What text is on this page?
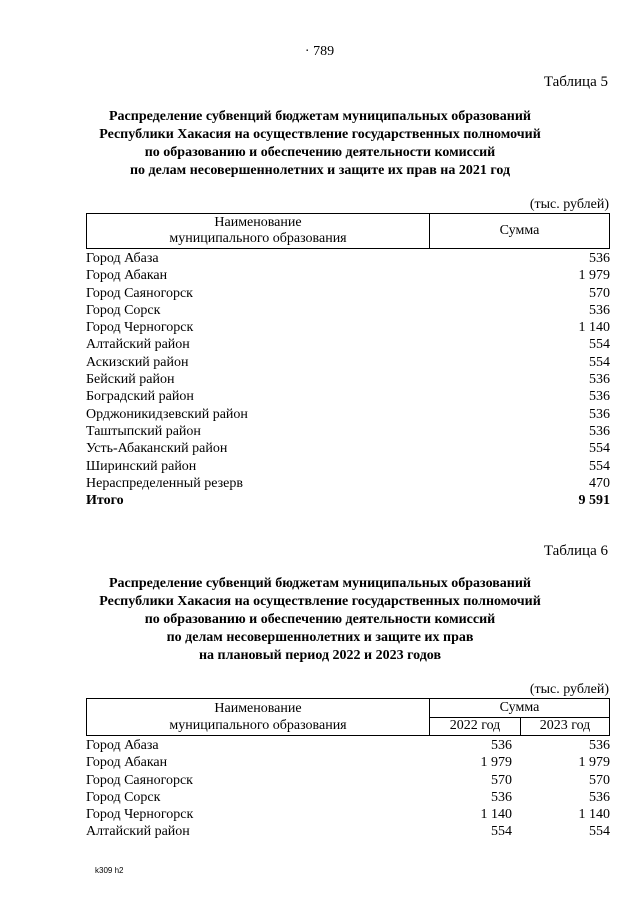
· 789
Таблица 5
Распределение субвенций бюджетам муниципальных образований
Республики Хакасия на осуществление государственных полномочий
по образованию и обеспечению деятельности комиссий
по делам несовершеннолетних и защите их прав на 2021 год
(тыс. рублей)
Наименование
муниципального образования
	Сумма
Город Абаза	536
Город Абакан	1 979
Город Саяногорск	570
Город Сорск	536
Город Черногорск	1 140
Алтайский район	554
Аскизский район	554
Бейский район	536
Боградский район	536
Орджоникидзевский район	536
Таштыпский район	536
Усть-Абаканский район	554
Ширинский район	554
Нераспределенный резерв	470
Итого	9 591
Таблица 6
Распределение субвенций бюджетам муниципальных образований
Республики Хакасия на осуществление государственных полномочий
по образованию и обеспечению деятельности комиссий
по делам несовершеннолетних и защите их прав
на плановый период 2022 и 2023 годов
(тыс. рублей)
Наименование
муниципального образования	Сумма	
	2022 год	2023 год
Город Абаза	536	536
Город Абакан	1 979	1 979
Город Саяногорск	570	570
Город Сорск	536	536
Город Черногорск	1 140	1 140
Алтайский район	554	554
k309 h2
